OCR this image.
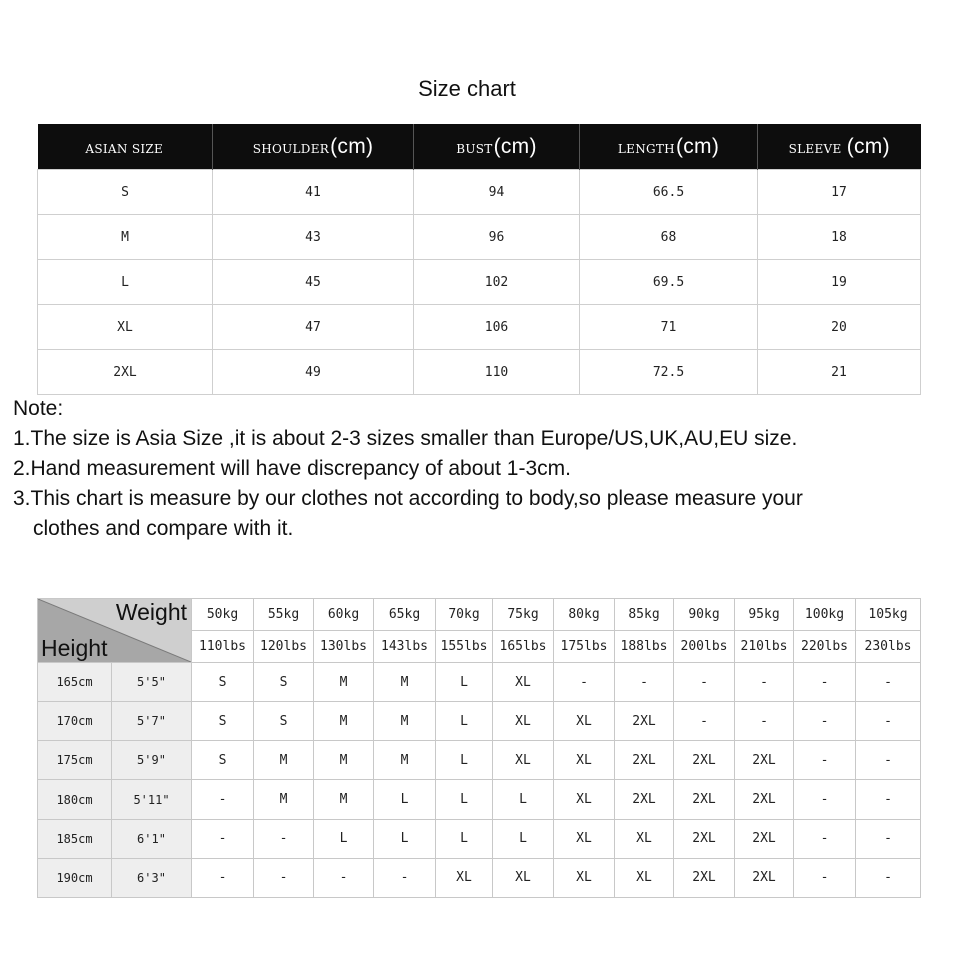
Size chart
ASIAN SIZE	SHOULDER(cm)	BUST(cm)	LENGTH(cm)	SLEEVE (cm)
S	41	94	66.5	17
M	43	96	68	18
L	45	102	69.5	19
XL	47	106	71	20
2XL	49	110	72.5	21
Note:
1.The size is Asia Size ,it is about 2-3 sizes smaller than Europe/US,UK,AU,EU size.
2.Hand measurement will have discrepancy of about 1-3cm.
3.This chart is measure by our clothes not according to body,so please measure your
clothes and compare with it.
Weight
Height		50kg	55kg	60kg	65kg	70kg	75kg	80kg	85kg	90kg	95kg	100kg	105kg
		110lbs	120lbs	130lbs	143lbs	155lbs	165lbs	175lbs	188lbs	200lbs	210lbs	220lbs	230lbs
165cm	5'5"	S	S	M	M	L	XL	-	-	-	-	-	-
170cm	5'7"	S	S	M	M	L	XL	XL	2XL	-	-	-	-
175cm	5'9"	S	M	M	M	L	XL	XL	2XL	2XL	2XL	-	-
180cm	5'11"	-	M	M	L	L	L	XL	2XL	2XL	2XL	-	-
185cm	6'1"	-	-	L	L	L	L	XL	XL	2XL	2XL	-	-
190cm	6'3"	-	-	-	-	XL	XL	XL	XL	2XL	2XL	-	-
